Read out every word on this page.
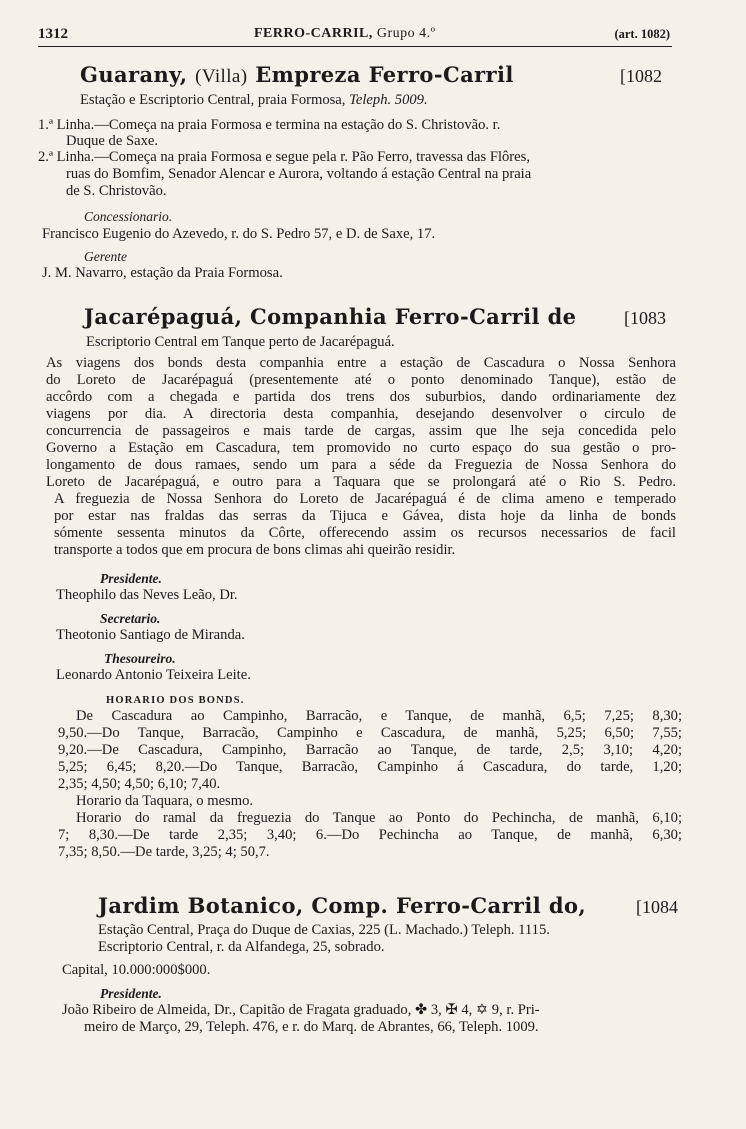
1312	FERRO-CARRIL, Grupo 4.º	(art. 1082)
Guarany, (Villa) Empreza Ferro-Carril	[1082
Estação e Escriptorio Central, praia Formosa, Teleph. 5009.
1.ª Linha.—Começa na praia Formosa e termina na estação do S. Christovão. r.
Duque de Saxe.
2.ª Linha.—Começa na praia Formosa e segue pela r. Pão Ferro, travessa das Flôres,
ruas do Bomfim, Senador Alencar e Aurora, voltando á estação Central na praia
de S. Christovão.
Concessionario.
Francisco Eugenio do Azevedo, r. do S. Pedro 57, e D. de Saxe, 17.
Gerente
J. M. Navarro, estação da Praia Formosa.
Jacarépaguá, Companhia Ferro-Carril de	[1083
Escriptorio Central em Tanque perto de Jacarépaguá.
As viagens dos bonds desta companhia entre a estação de Cascadura o Nossa Senhora
do Loreto de Jacarépaguá (presentemente até o ponto denominado Tanque), estão de
accôrdo com a chegada e partida dos trens dos suburbios, dando ordinariamente dez
viagens por dia. A directoria desta companhia, desejando desenvolver o circulo de
concurrencia de passageiros e mais tarde de cargas, assim que lhe seja concedida pelo
Governo a Estação em Cascadura, tem promovido no curto espaço do sua gestão o pro-
longamento de dous ramaes, sendo um para a séde da Freguezia de Nossa Senhora do
Loreto de Jacarépaguá, e outro para a Taquara que se prolongará até o Rio S. Pedro.
A freguezia de Nossa Senhora do Loreto de Jacarépaguá é de clima ameno e temperado
por estar nas fraldas das serras da Tijuca e Gávea, dista hoje da linha de bonds
sómente sessenta minutos da Côrte, offerecendo assim os recursos necessarios de facil
transporte a todos que em procura de bons climas ahi queirão residir.
Presidente.
Theophilo das Neves Leão, Dr.
Secretario.
Theotonio Santiago de Miranda.
Thesoureiro.
Leonardo Antonio Teixeira Leite.
HORARIO DOS BONDS.
De Cascadura ao Campinho, Barracão, e Tanque, de manhã, 6,5; 7,25; 8,30;
9,50.—Do Tanque, Barracão, Campinho e Cascadura, de manhã, 5,25; 6,50; 7,55;
9,20.—De Cascadura, Campinho, Barracão ao Tanque, de tarde, 2,5; 3,10; 4,20;
5,25; 6,45; 8,20.—Do Tanque, Barracão, Campinho á Cascadura, do tarde, 1,20;
2,35; 4,50; 4,50; 6,10; 7,40.
Horario da Taquara, o mesmo.
Horario do ramal da freguezia do Tanque ao Ponto do Pechincha, de manhã, 6,10;
7; 8,30.—De tarde 2,35; 3,40; 6.—Do Pechincha ao Tanque, de manhã, 6,30;
7,35; 8,50.—De tarde, 3,25; 4; 50,7.
Jardim Botanico, Comp. Ferro-Carril do,	[1084
Estação Central, Praça do Duque de Caxias, 225 (L. Machado.) Teleph. 1115.
Escriptorio Central, r. da Alfandega, 25, sobrado.
Capital, 10.000:000$000.
Presidente.
João Ribeiro de Almeida, Dr., Capitão de Fragata graduado, ✤ 3, ✠ 4, ✡ 9, r. Pri-
meiro de Março, 29, Teleph. 476, e r. do Marq. de Abrantes, 66, Teleph. 1009.
